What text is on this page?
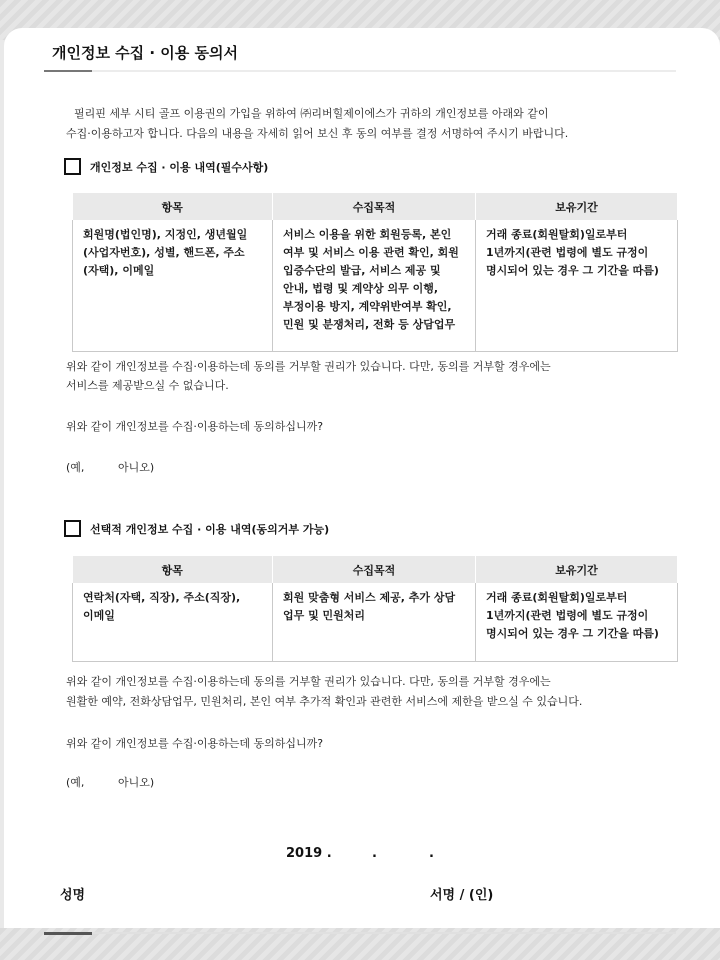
개인정보 수집 · 이용 동의서
필리핀 세부 시티 골프 이용권의 가입을 위하여 ㈜리버힐제이에스가 귀하의 개인정보를 아래와 같이
수집·이용하고자 합니다. 다음의 내용을 자세히 읽어 보신 후 동의 여부를 결정 서명하여 주시기 바랍니다.
개인정보 수집 · 이용 내역(필수사항)
항목	수집목적	보유기간
회원명(법인명), 지정인, 생년월일(사업자번호), 성별, 핸드폰, 주소(자택), 이메일	서비스 이용을 위한 회원등록, 본인 여부 및 서비스 이용 관련 확인, 회원 입증수단의 발급, 서비스 제공 및 안내, 법령 및 계약상 의무 이행, 부정이용 방지, 계약위반여부 확인, 민원 및 분쟁처리, 전화 등 상담업무	거래 종료(회원탈회)일로부터 1년까지(관련 법령에 별도 규정이 명시되어 있는 경우 그 기간을 따름)
위와 같이 개인정보를 수집·이용하는데 동의를 거부할 권리가 있습니다. 다만, 동의를 거부할 경우에는
서비스를 제공받으실 수 없습니다.
위와 같이 개인정보를 수집·이용하는데 동의하십니까?
(예,	아니오)
선택적 개인정보 수집 · 이용 내역(동의거부 가능)
항목	수집목적	보유기간
연락처(자택, 직장), 주소(직장), 이메일	회원 맞춤형 서비스 제공, 추가 상담 업무 및 민원처리	거래 종료(회원탈회)일로부터 1년까지(관련 법령에 별도 규정이 명시되어 있는 경우 그 기간을 따름)
위와 같이 개인정보를 수집·이용하는데 동의를 거부할 권리가 있습니다. 다만, 동의를 거부할 경우에는
원활한 예약, 전화상담업무, 민원처리, 본인 여부 추가적 확인과 관련한 서비스에 제한을 받으실 수 있습니다.
위와 같이 개인정보를 수집·이용하는데 동의하십니까?
(예,	아니오)
2019 .	.	.
성명	서명 / (인)
